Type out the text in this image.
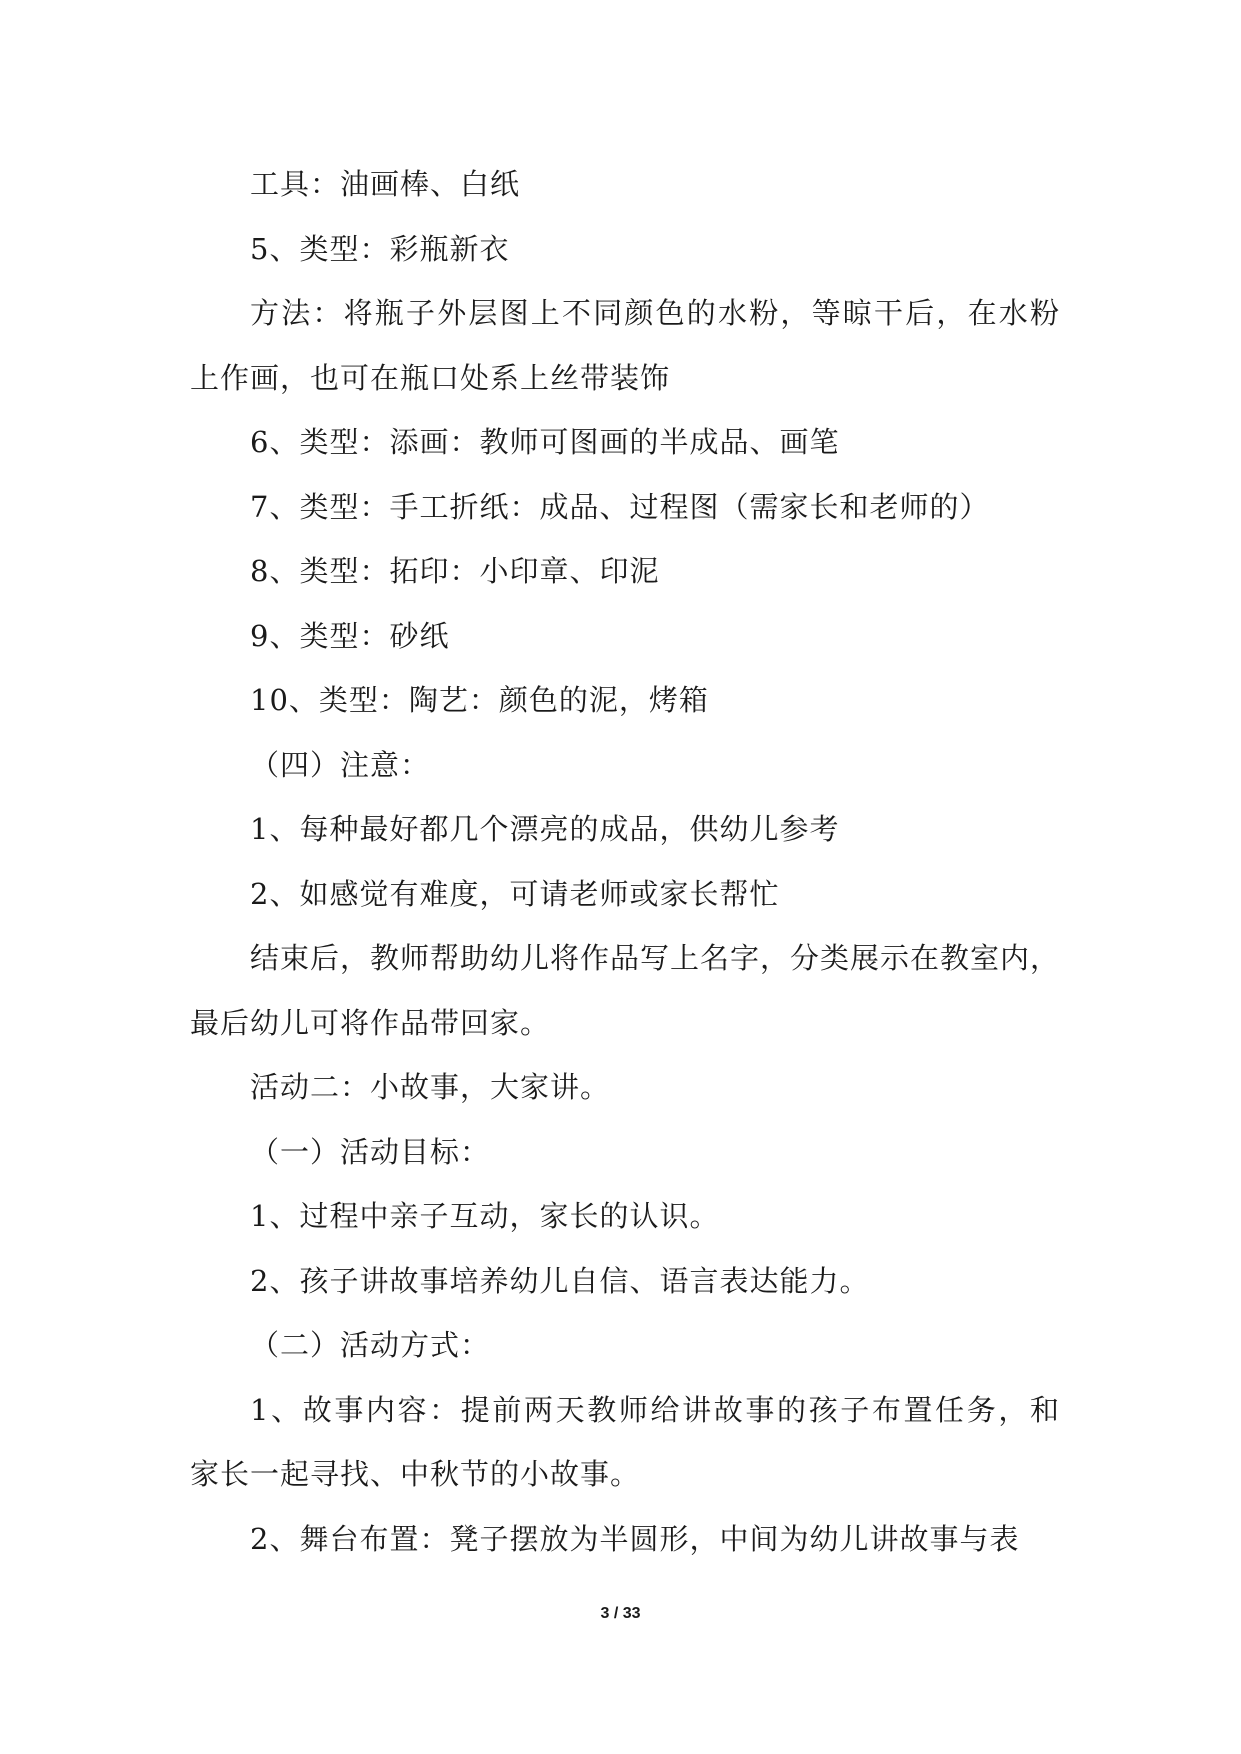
工具：油画棒、白纸

5、类型：彩瓶新衣

方法：将瓶子外层图上不同颜色的水粉，等晾干后，在水粉
上作画，也可在瓶口处系上丝带装饰

6、类型：添画：教师可图画的半成品、画笔

7、类型：手工折纸：成品、过程图（需家长和老师的）

8、类型：拓印：小印章、印泥

9、类型：砂纸

10、类型：陶艺：颜色的泥，烤箱

（四）注意：

1、每种最好都几个漂亮的成品，供幼儿参考

2、如感觉有难度，可请老师或家长帮忙

结束后，教师帮助幼儿将作品写上名字，分类展示在教室内，
最后幼儿可将作品带回家。

活动二：小故事，大家讲。

（一）活动目标：

1、过程中亲子互动，家长的认识。

2、孩子讲故事培养幼儿自信、语言表达能力。

（二）活动方式：

1、故事内容：提前两天教师给讲故事的孩子布置任务，和
家长一起寻找、中秋节的小故事。

2、舞台布置：凳子摆放为半圆形，中间为幼儿讲故事与表

3 / 33
